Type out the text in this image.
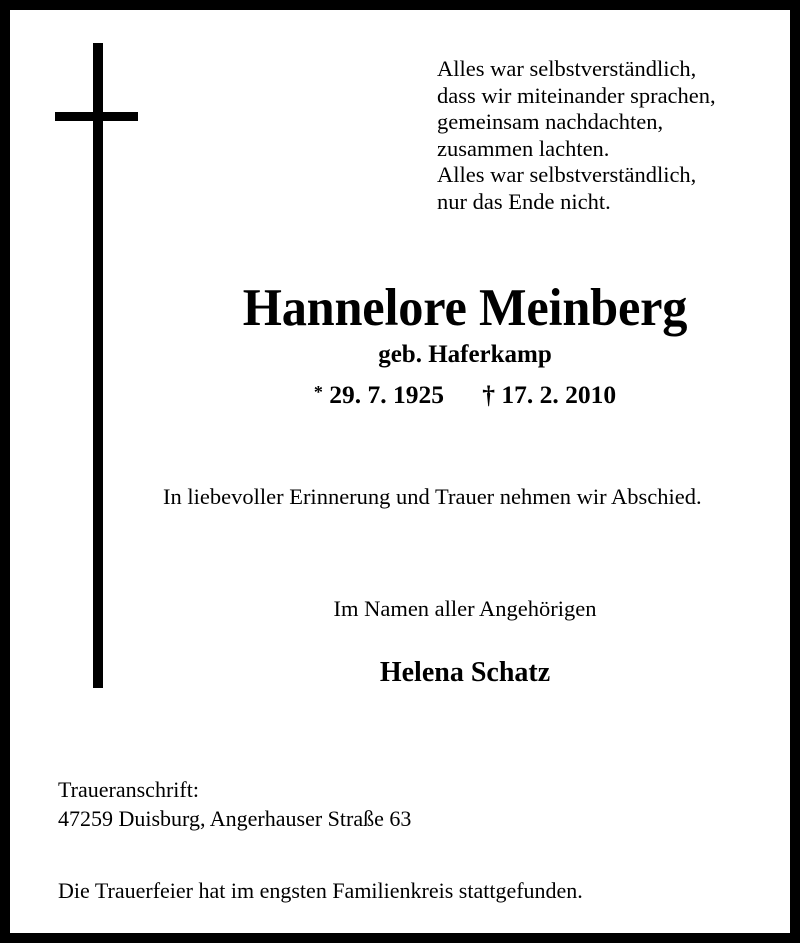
Alles war selbstverständlich,
dass wir miteinander sprachen,
gemeinsam nachdachten,
zusammen lachten.
Alles war selbstverständlich,
nur das Ende nicht.
Hannelore Meinberg
geb. Haferkamp
* 29. 7. 1925 † 17. 2. 2010
In liebevoller Erinnerung und Trauer nehmen wir Abschied.
Im Namen aller Angehörigen
Helena Schatz
Traueranschrift:
47259 Duisburg, Angerhauser Straße 63
Die Trauerfeier hat im engsten Familienkreis stattgefunden.
